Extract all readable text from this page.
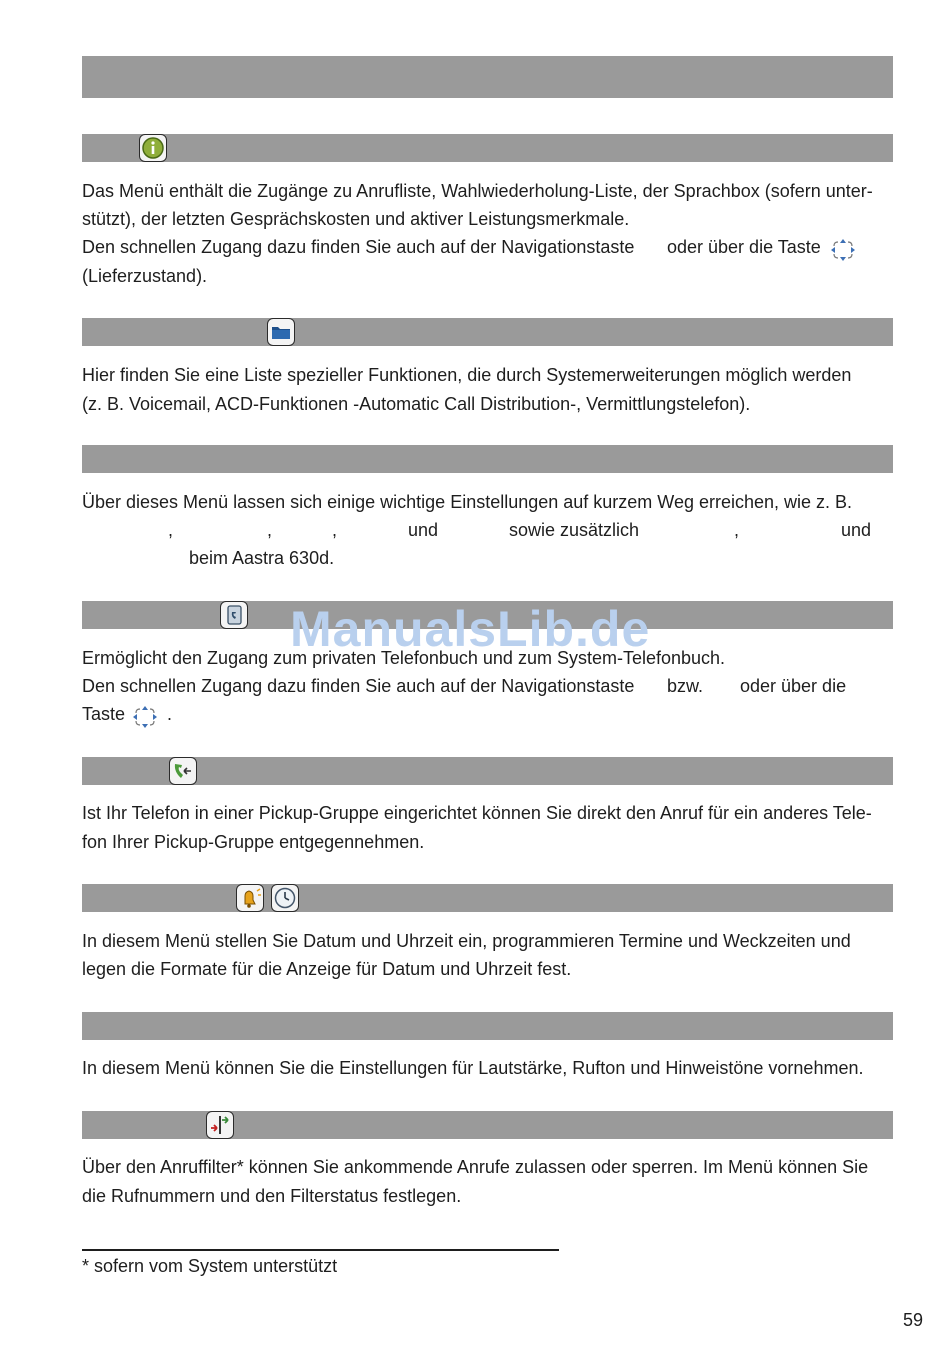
Das Menü enthält die Zugänge zu Anrufliste, Wahlwiederholung-Liste, der Sprachbox (sofern unter-
stützt), der letzten Gesprächskosten und aktiver Leistungsmerkmale.
Den schnellen Zugang dazu finden Sie auch auf der Navigationstaste oder über die Taste
(Lieferzustand).
Hier finden Sie eine Liste spezieller Funktionen, die durch Systemerweiterungen möglich werden
(z. B. Voicemail, ACD-Funktionen -Automatic Call Distribution-, Vermittlungstelefon).
Über dieses Menü lassen sich einige wichtige Einstellungen auf kurzem Weg erreichen, wie z. B.
,	,	,	und	sowie zusätzlich	,	und
beim Aastra 630d.
ManualsLib.de
Ermöglicht den Zugang zum privaten Telefonbuch und zum System-Telefonbuch.
Den schnellen Zugang dazu finden Sie auch auf der Navigationstaste bzw. oder über die
Taste .
Ist Ihr Telefon in einer Pickup-Gruppe eingerichtet können Sie direkt den Anruf für ein anderes Tele-
fon Ihrer Pickup-Gruppe entgegennehmen.
In diesem Menü stellen Sie Datum und Uhrzeit ein, programmieren Termine und Weckzeiten und
legen die Formate für die Anzeige für Datum und Uhrzeit fest.
In diesem Menü können Sie die Einstellungen für Lautstärke, Rufton und Hinweistöne vornehmen.
Über den Anruffilter* können Sie ankommende Anrufe zulassen oder sperren. Im Menü können Sie
die Rufnummern und den Filterstatus festlegen.
* sofern vom System unterstützt
59
